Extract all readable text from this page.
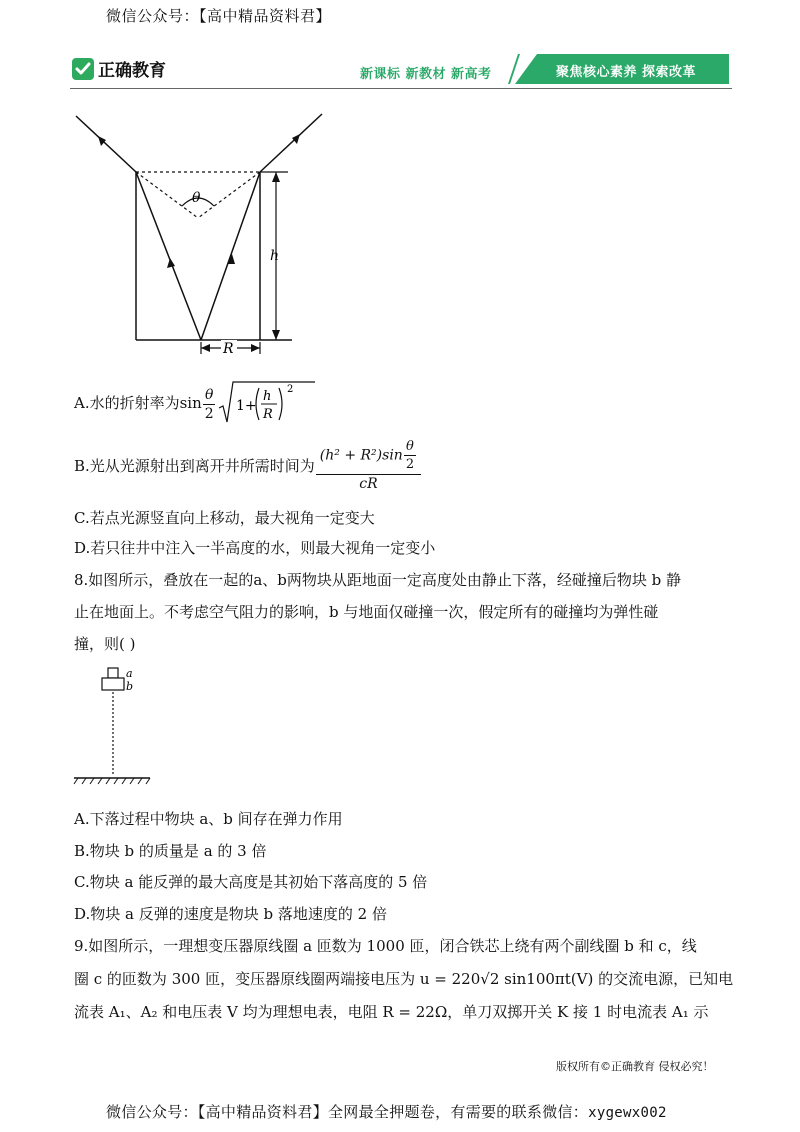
微信公众号：【高中精品资料君】
正确教育	新课标 新教材 新高考	聚焦核心素养 探索改革
θ
h
R
A.水的折射率为$\sin \frac{\theta}{2} 1+$
h
R
2
B.光从光源射出到离开井所需时间为 $\frac{(h^2 + R^2)\sin \frac{\theta}{2}}{cR}$
C.若点光源竖直向上移动，最大视角一定变大
D.若只往井中注入一半高度的水，则最大视角一定变小
8.如图所示，叠放在一起的a、b两物块从距地面一定高度处由静止下落，经碰撞后物块 b 静
止在地面上。不考虑空气阻力的影响，b 与地面仅碰撞一次，假定所有的碰撞均为弹性碰
撞，则( )
a
b
A.下落过程中物块 a、b 间存在弹力作用
B.物块 b 的质量是 a 的 3 倍
C.物块 a 能反弹的最大高度是其初始下落高度的 5 倍
D.物块 a 反弹的速度是物块 b 落地速度的 2 倍
9.如图所示，一理想变压器原线圈 a 匝数为 1000 匝，闭合铁芯上绕有两个副线圈 b 和 c，线
圈 c 的匝数为 300 匝，变压器原线圈两端接电压为 u = 220√2 sin100πt(V) 的交流电源，已知电
流表 A₁、A₂ 和电压表 V 均为理想电表，电阻 R = 22Ω，单刀双掷开关 K 接 1 时电流表 A₁ 示
版权所有©正确教育 侵权必究！
微信公众号：【高中精品资料君】全网最全押题卷，有需要的联系微信：xygewx002
